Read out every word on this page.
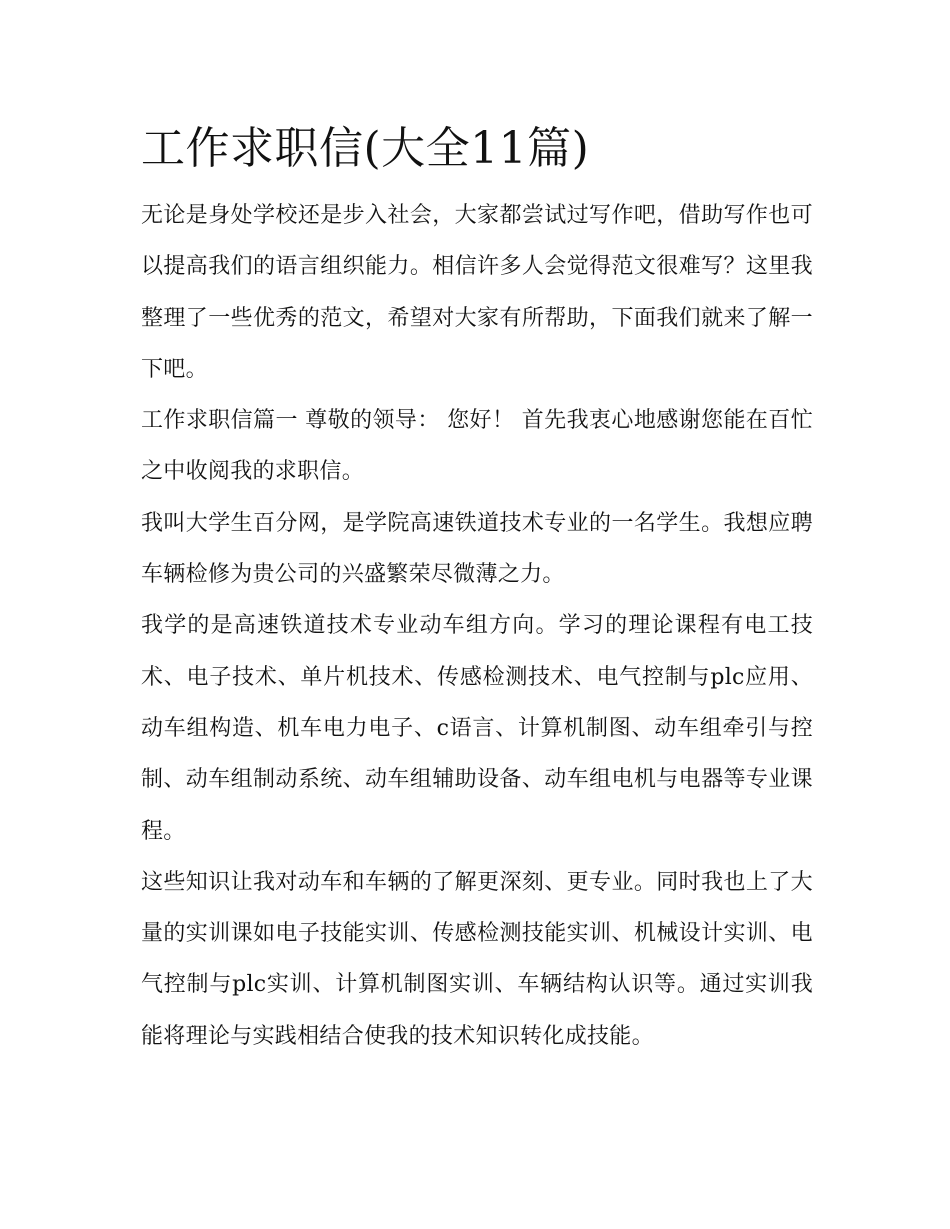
工作求职信(大全11篇)

无论是身处学校还是步入社会，大家都尝试过写作吧，借助写作也可以提高我们的语言组织能力。相信许多人会觉得范文很难写？这里我整理了一些优秀的范文，希望对大家有所帮助，下面我们就来了解一下吧。

工作求职信篇一 尊敬的领导： 您好！ 首先我衷心地感谢您能在百忙之中收阅我的求职信。

我叫大学生百分网，是学院高速铁道技术专业的一名学生。我想应聘车辆检修为贵公司的兴盛繁荣尽微薄之力。

我学的是高速铁道技术专业动车组方向。学习的理论课程有电工技术、电子技术、单片机技术、传感检测技术、电气控制与plc应用、动车组构造、机车电力电子、c语言、计算机制图、动车组牵引与控制、动车组制动系统、动车组辅助设备、动车组电机与电器等专业课程。

这些知识让我对动车和车辆的了解更深刻、更专业。同时我也上了大量的实训课如电子技能实训、传感检测技能实训、机械设计实训、电气控制与plc实训、计算机制图实训、车辆结构认识等。通过实训我能将理论与实践相结合使我的技术知识转化成技能。
